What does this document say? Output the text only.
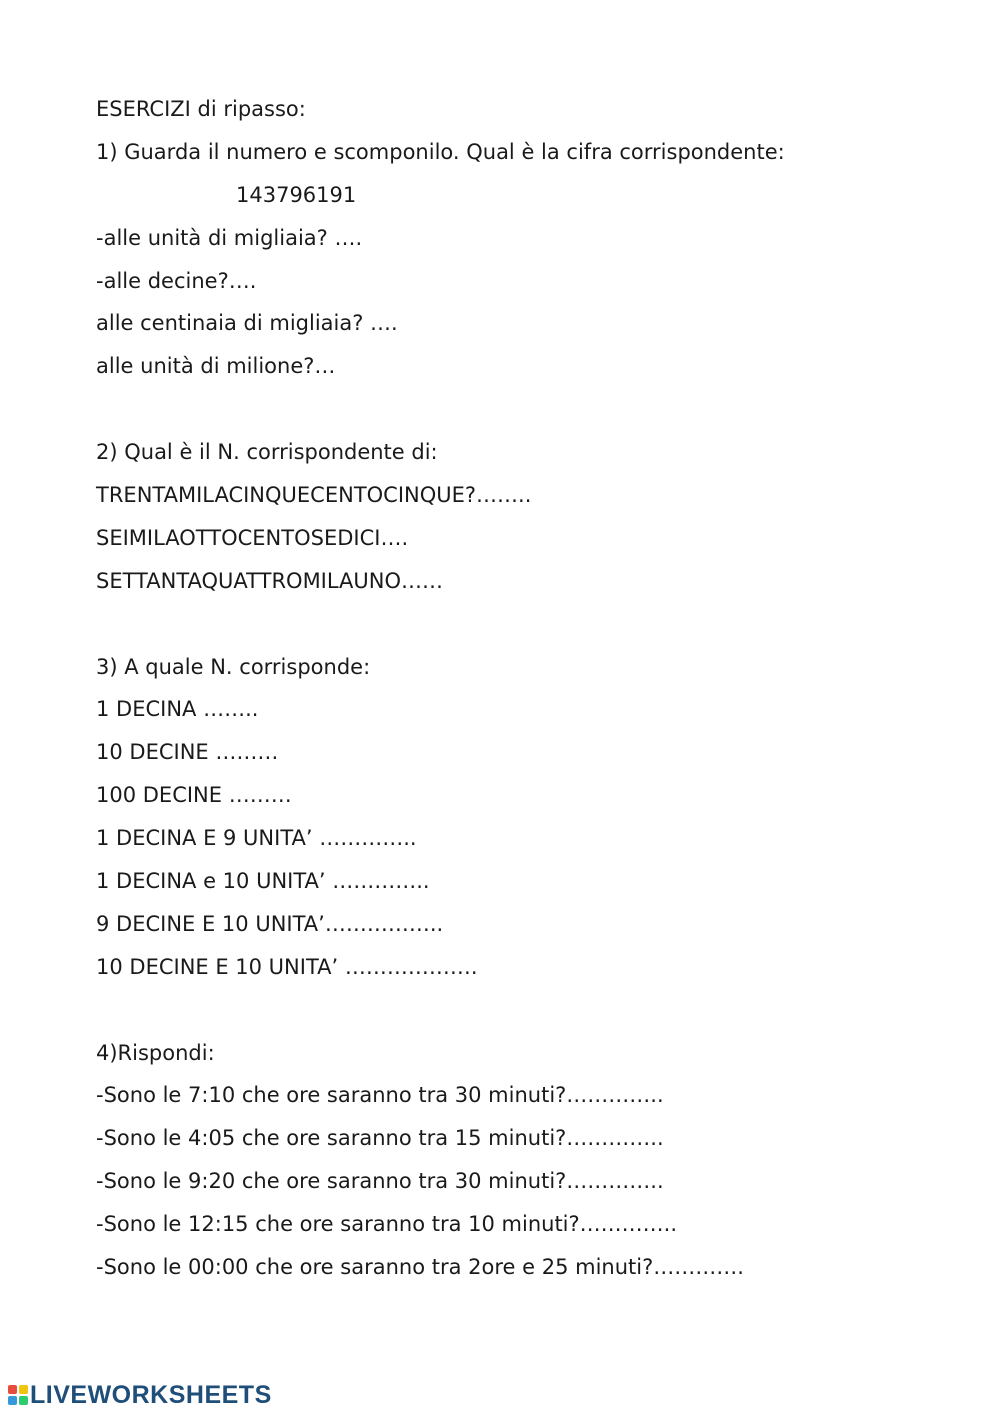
ESERCIZI di ripasso:
1) Guarda il numero e scomponilo. Qual è la cifra corrispondente:
143796191
-alle unità di migliaia? ….
-alle decine?….
alle centinaia di migliaia? ….
alle unità di milione?…
2) Qual è il N. corrispondente di:
TRENTAMILACINQUECENTOCINQUE?……..
SEIMILAOTTOCENTOSEDICI….
SETTANTAQUATTROMILAUNO……
3) A quale N. corrisponde:
1 DECINA ……..
10 DECINE ………
100 DECINE ………
1 DECINA E 9 UNITA’ …………..
1 DECINA e 10 UNITA’ …………..
9 DECINE E 10 UNITA’……………..
10 DECINE E 10 UNITA’ ……………….
4)Rispondi:
-Sono le 7:10 che ore saranno tra 30 minuti?…………..
-Sono le 4:05 che ore saranno tra 15 minuti?…………..
-Sono le 9:20 che ore saranno tra 30 minuti?…………..
-Sono le 12:15 che ore saranno tra 10 minuti?…………..
-Sono le 00:00 che ore saranno tra 2ore e 25 minuti?………….
LIVEWORKSHEETS
